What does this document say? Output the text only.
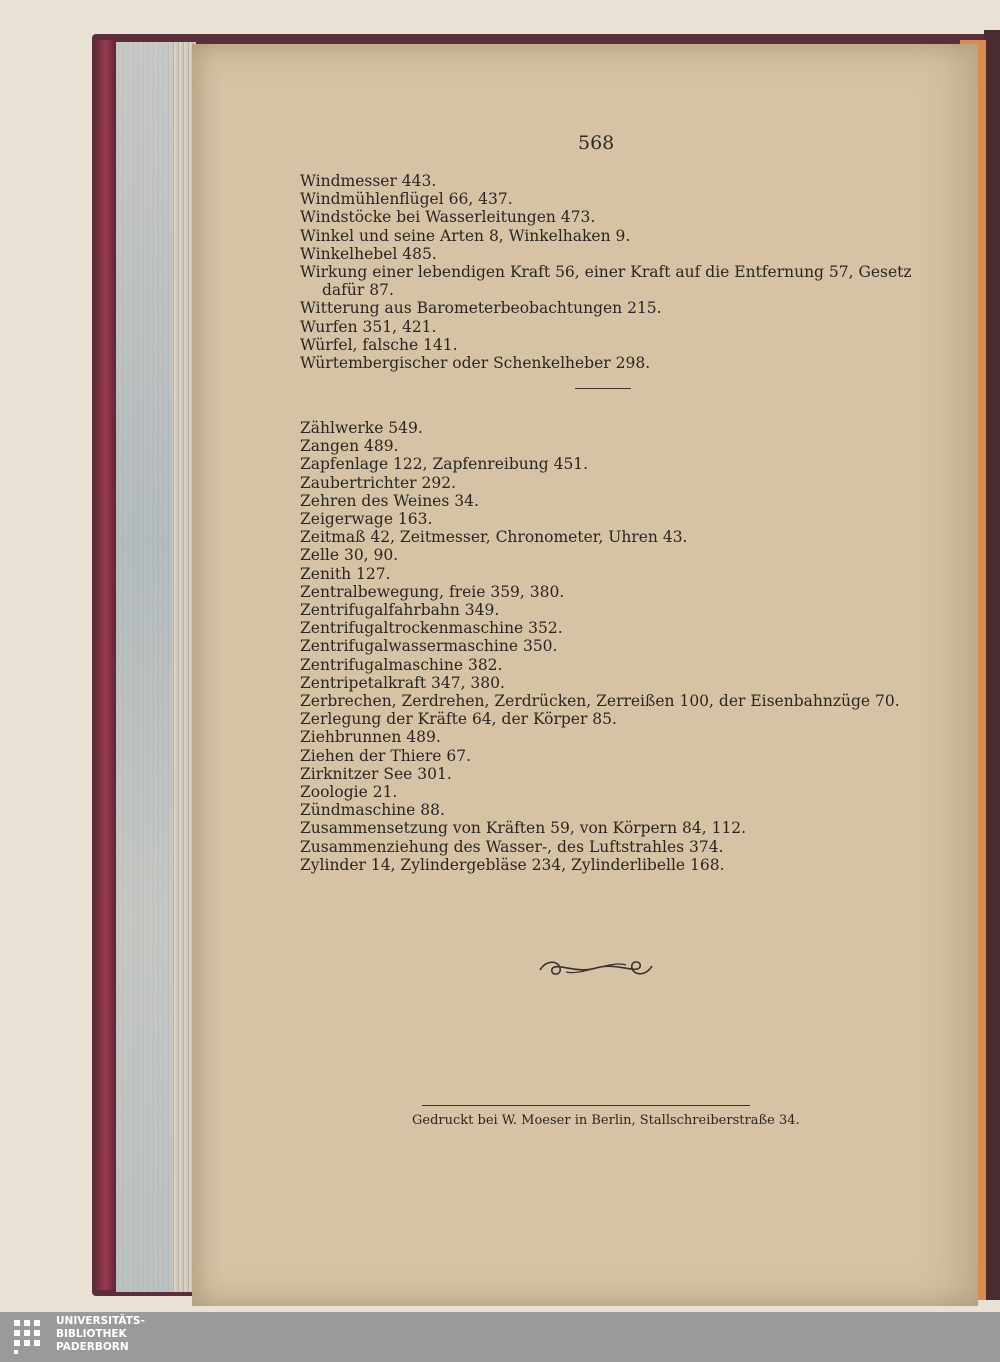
568
Windmesser 443.
Windmühlenflügel 66, 437.
Windstöcke bei Wasserleitungen 473.
Winkel und seine Arten 8, Winkelhaken 9.
Winkelhebel 485.
Wirkung einer lebendigen Kraft 56, einer Kraft auf die Entfernung 57, Gesetz
dafür 87.
Witterung aus Barometerbeobachtungen 215.
Wurfen 351, 421.
Würfel, falsche 141.
Würtembergischer oder Schenkelheber 298.
Zählwerke 549.
Zangen 489.
Zapfenlage 122, Zapfenreibung 451.
Zaubertrichter 292.
Zehren des Weines 34.
Zeigerwage 163.
Zeitmaß 42, Zeitmesser, Chronometer, Uhren 43.
Zelle 30, 90.
Zenith 127.
Zentralbewegung, freie 359, 380.
Zentrifugalfahrbahn 349.
Zentrifugaltrockenmaschine 352.
Zentrifugalwassermaschine 350.
Zentrifugalmaschine 382.
Zentripetalkraft 347, 380.
Zerbrechen, Zerdrehen, Zerdrücken, Zerreißen 100, der Eisenbahnzüge 70.
Zerlegung der Kräfte 64, der Körper 85.
Ziehbrunnen 489.
Ziehen der Thiere 67.
Zirknitzer See 301.
Zoologie 21.
Zündmaschine 88.
Zusammensetzung von Kräften 59, von Körpern 84, 112.
Zusammenziehung des Wasser-, des Luftstrahles 374.
Zylinder 14, Zylindergebläse 234, Zylinderlibelle 168.
Gedruckt bei W. Moeser in Berlin, Stallschreiberstraße 34.
UNIVERSITÄTS-
BIBLIOTHEK
PADERBORN
